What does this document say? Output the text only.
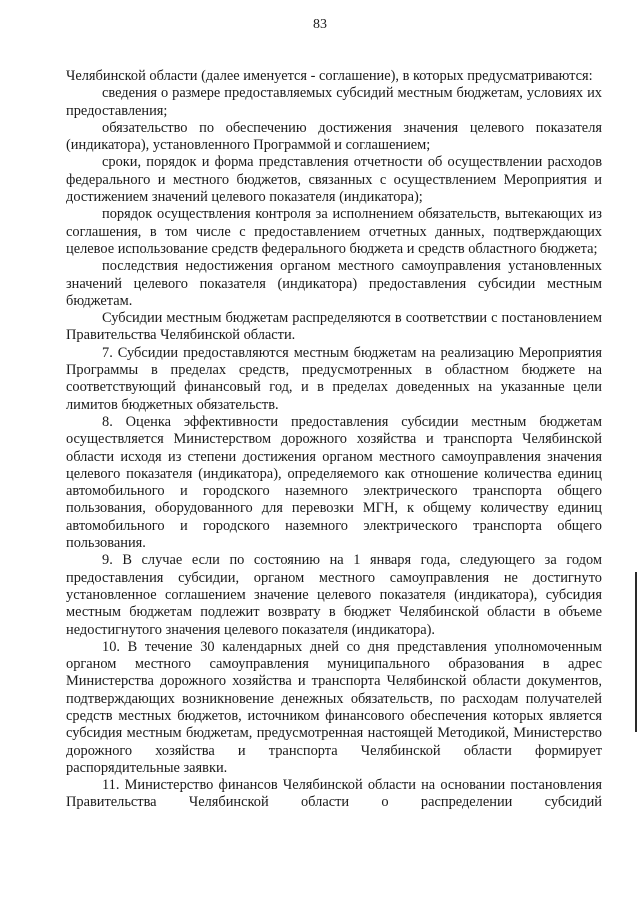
83

Челябинской области (далее именуется - соглашение), в которых предусматриваются:

сведения о размере предоставляемых субсидий местным бюджетам, условиях их предоставления;

обязательство по обеспечению достижения значения целевого показателя (индикатора), установленного Программой и соглашением;

сроки, порядок и форма представления отчетности об осуществлении расходов федерального и местного бюджетов, связанных с осуществлением Мероприятия и достижением значений целевого показателя (индикатора);

порядок осуществления контроля за исполнением обязательств, вытекающих из соглашения, в том числе с предоставлением отчетных данных, подтверждающих целевое использование средств федерального бюджета и средств областного бюджета;

последствия недостижения органом местного самоуправления установленных значений целевого показателя (индикатора) предоставления субсидии местным бюджетам.

Субсидии местным бюджетам распределяются в соответствии с постановлением Правительства Челябинской области.

7. Субсидии предоставляются местным бюджетам на реализацию Мероприятия Программы в пределах средств, предусмотренных в областном бюджете на соответствующий финансовый год, и в пределах доведенных на указанные цели лимитов бюджетных обязательств.

8. Оценка эффективности предоставления субсидии местным бюджетам осуществляется Министерством дорожного хозяйства и транспорта Челябинской области исходя из степени достижения органом местного самоуправления значения целевого показателя (индикатора), определяемого как отношение количества единиц автомобильного и городского наземного электрического транспорта общего пользования, оборудованного для перевозки МГН, к общему количеству единиц автомобильного и городского наземного электрического транспорта общего пользования.

9. В случае если по состоянию на 1 января года, следующего за годом предоставления субсидии, органом местного самоуправления не достигнуто установленное соглашением значение целевого показателя (индикатора), субсидия местным бюджетам подлежит возврату в бюджет Челябинской области в объеме недостигнутого значения целевого показателя (индикатора).

10. В течение 30 календарных дней со дня представления уполномоченным органом местного самоуправления муниципального образования в адрес Министерства дорожного хозяйства и транспорта Челябинской области документов, подтверждающих возникновение денежных обязательств, по расходам получателей средств местных бюджетов, источником финансового обеспечения которых является субсидия местным бюджетам, предусмотренная настоящей Методикой, Министерство дорожного хозяйства и транспорта Челябинской области формирует распорядительные заявки.

11. Министерство финансов Челябинской области на основании постановления Правительства Челябинской области о распределении субсидий
